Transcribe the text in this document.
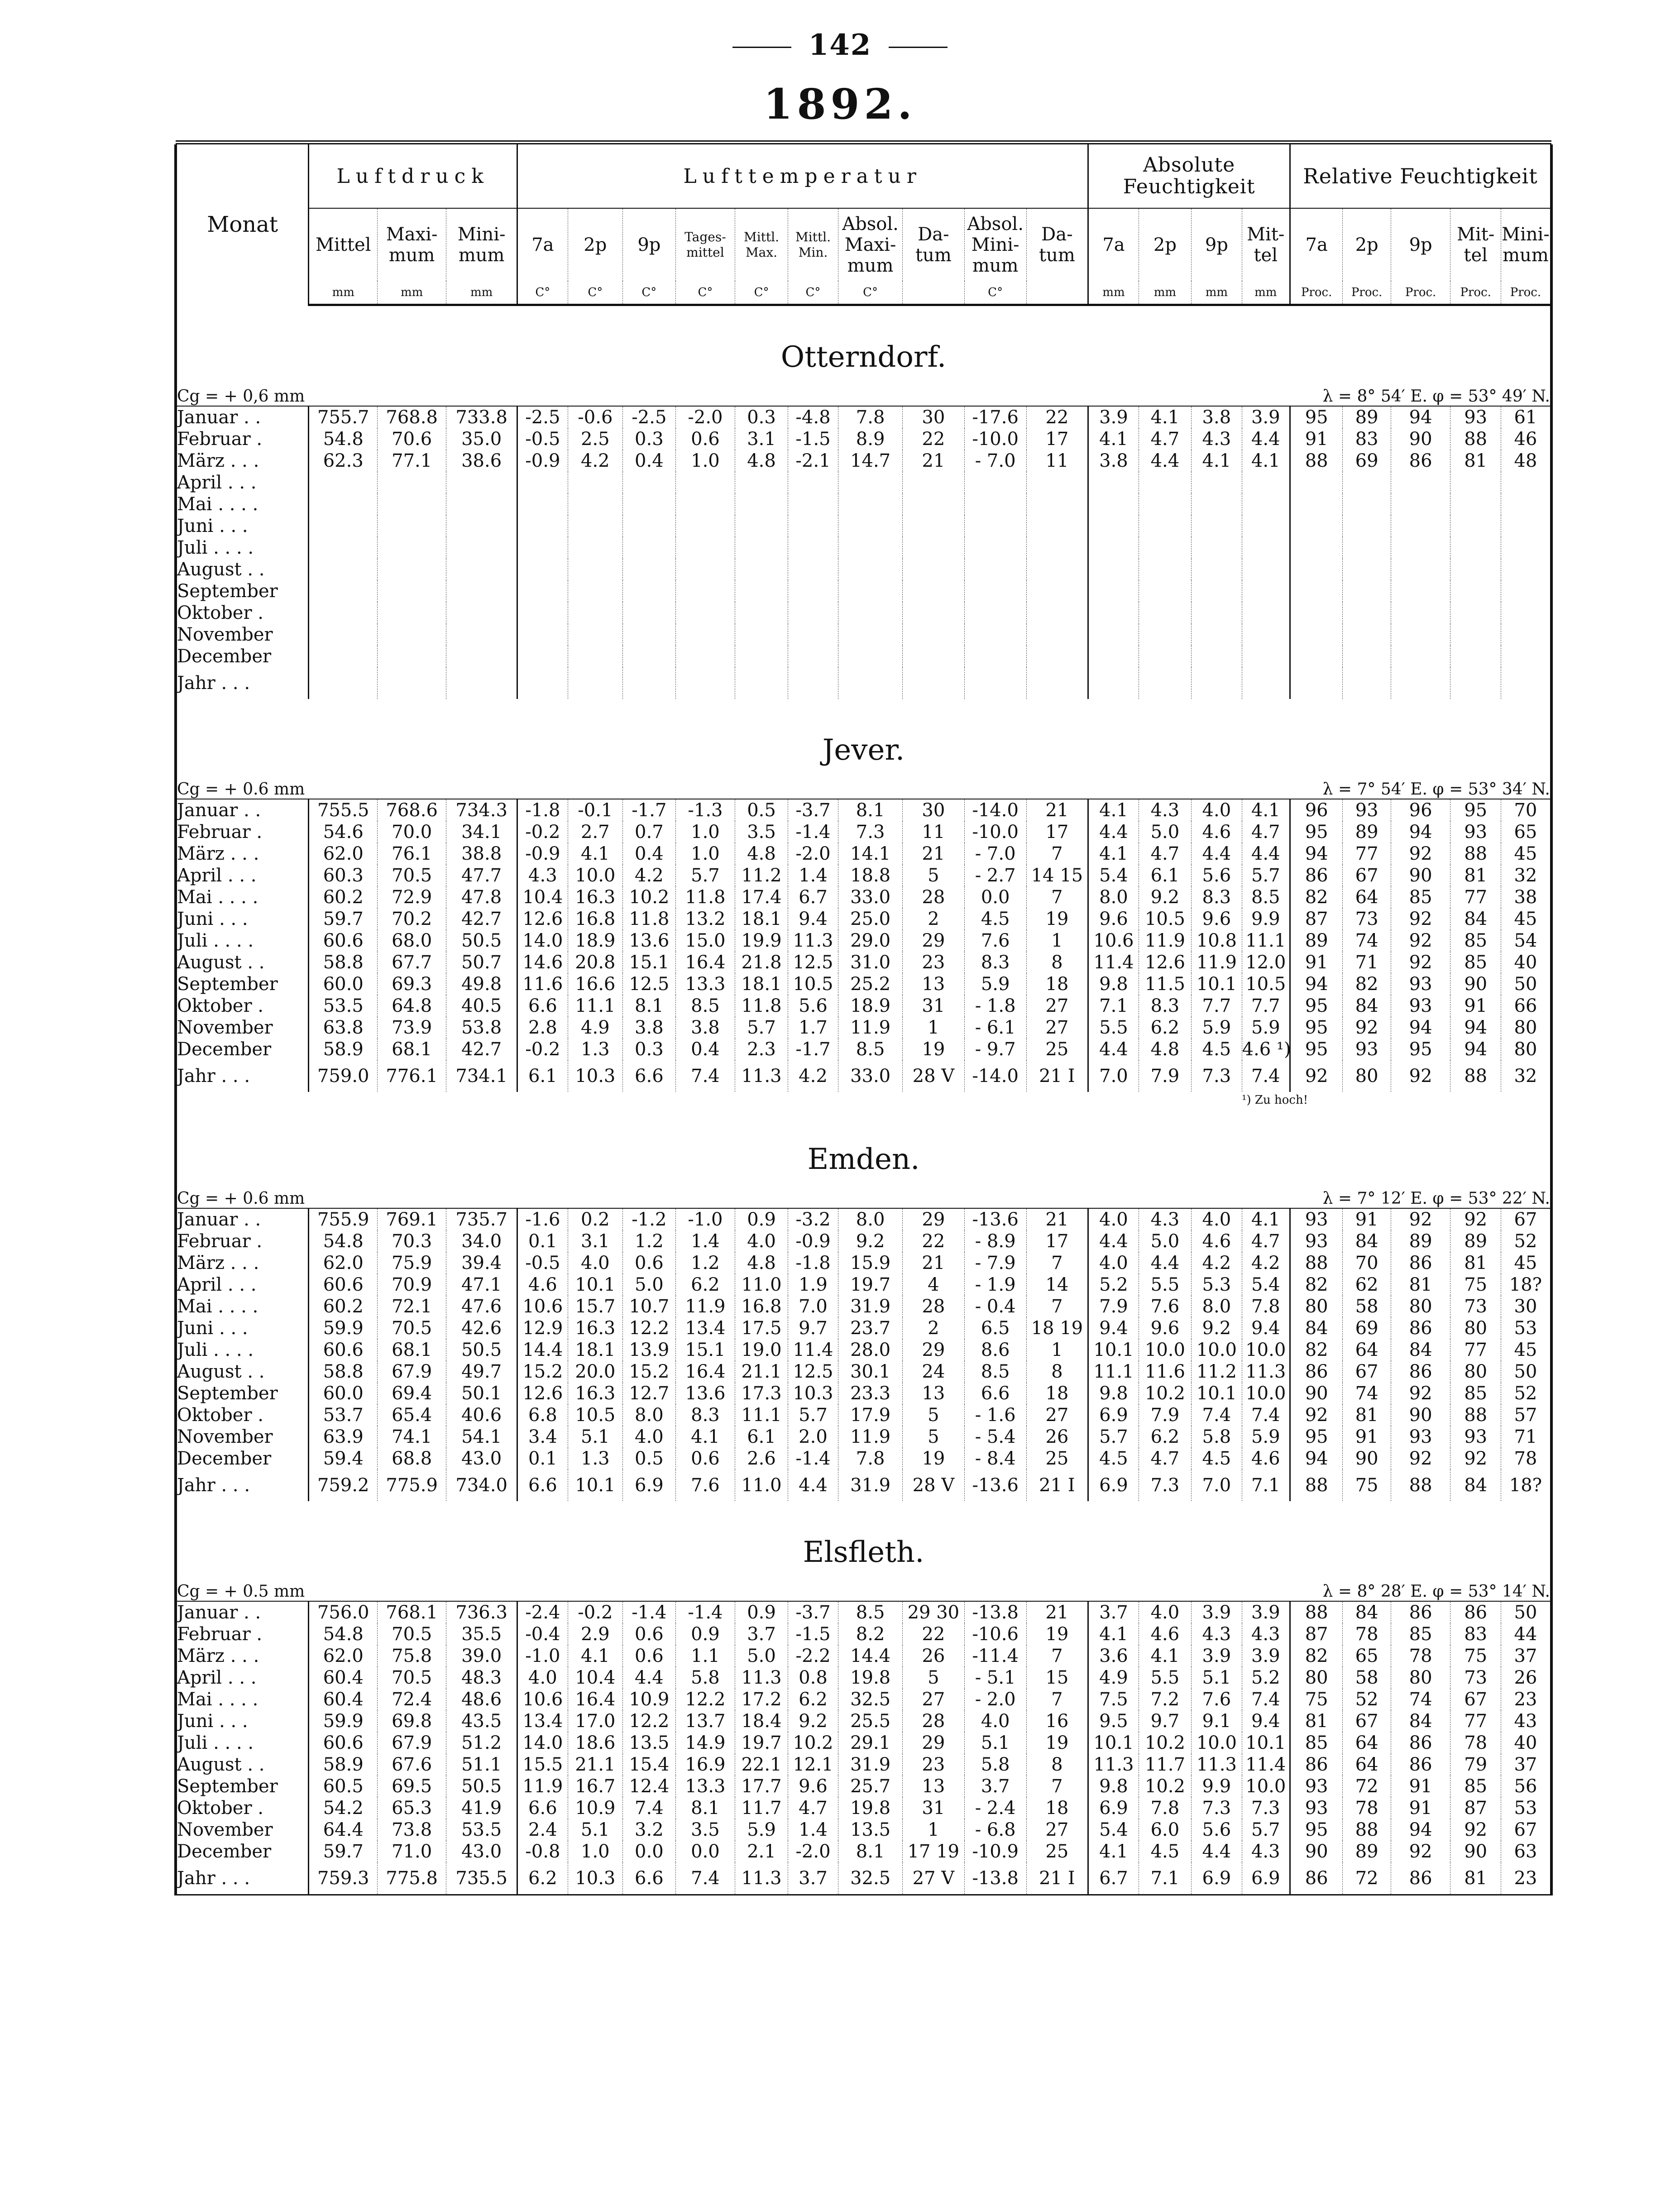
142
1892.

Monat	Luftdruck			Lufttemperatur										Absolute Feuchtigkeit				Relative Feuchtigkeit				
	Mittel	Maxi-mum	Mini-mum	7a	2p	9p	Tages-mittel	Mittl. Max.	Mittl. Min.	Absol. Maxi-mum	Da-tum	Absol. Mini-mum	Da-tum	7a	2p	9p	Mit-tel	7a	2p	9p	Mit-tel	Mini-mum
	mm	mm	mm	C°	C°	C°	C°	C°	C°	C°		C°		mm	mm	mm	mm	Proc.	Proc.	Proc.	Proc.	Proc.
Otterndorf.																						
Cg = + 0,6 mm												λ = 8° 54′ E. φ = 53° 49′ N.										
Januar . .	755.7	768.8	733.8	-2.5	-0.6	-2.5	-2.0	0.3	-4.8	7.8	30	-17.6	22	3.9	4.1	3.8	3.9	95	89	94	93	61
Februar .	54.8	70.6	35.0	-0.5	2.5	0.3	0.6	3.1	-1.5	8.9	22	-10.0	17	4.1	4.7	4.3	4.4	91	83	90	88	46
März . . .	62.3	77.1	38.6	-0.9	4.2	0.4	1.0	4.8	-2.1	14.7	21	- 7.0	11	3.8	4.4	4.1	4.1	88	69	86	81	48
April . . .																						
Mai . . . .																						
Juni . . .																						
Juli . . . .																						
August . .																						
September																						
Oktober .																						
November																						
December																						
Jahr . . .																						
Jever.																						
Cg = + 0.6 mm												λ = 7° 54′ E. φ = 53° 34′ N.										
Januar . .	755.5	768.6	734.3	-1.8	-0.1	-1.7	-1.3	0.5	-3.7	8.1	30	-14.0	21	4.1	4.3	4.0	4.1	96	93	96	95	70
Februar .	54.6	70.0	34.1	-0.2	2.7	0.7	1.0	3.5	-1.4	7.3	11	-10.0	17	4.4	5.0	4.6	4.7	95	89	94	93	65
März . . .	62.0	76.1	38.8	-0.9	4.1	0.4	1.0	4.8	-2.0	14.1	21	- 7.0	7	4.1	4.7	4.4	4.4	94	77	92	88	45
April . . .	60.3	70.5	47.7	4.3	10.0	4.2	5.7	11.2	1.4	18.8	5	- 2.7	14 15	5.4	6.1	5.6	5.7	86	67	90	81	32
Mai . . . .	60.2	72.9	47.8	10.4	16.3	10.2	11.8	17.4	6.7	33.0	28	0.0	7	8.0	9.2	8.3	8.5	82	64	85	77	38
Juni . . .	59.7	70.2	42.7	12.6	16.8	11.8	13.2	18.1	9.4	25.0	2	4.5	19	9.6	10.5	9.6	9.9	87	73	92	84	45
Juli . . . .	60.6	68.0	50.5	14.0	18.9	13.6	15.0	19.9	11.3	29.0	29	7.6	1	10.6	11.9	10.8	11.1	89	74	92	85	54
August . .	58.8	67.7	50.7	14.6	20.8	15.1	16.4	21.8	12.5	31.0	23	8.3	8	11.4	12.6	11.9	12.0	91	71	92	85	40
September	60.0	69.3	49.8	11.6	16.6	12.5	13.3	18.1	10.5	25.2	13	5.9	18	9.8	11.5	10.1	10.5	94	82	93	90	50
Oktober .	53.5	64.8	40.5	6.6	11.1	8.1	8.5	11.8	5.6	18.9	31	- 1.8	27	7.1	8.3	7.7	7.7	95	84	93	91	66
November	63.8	73.9	53.8	2.8	4.9	3.8	3.8	5.7	1.7	11.9	1	- 6.1	27	5.5	6.2	5.9	5.9	95	92	94	94	80
December	58.9	68.1	42.7	-0.2	1.3	0.3	0.4	2.3	-1.7	8.5	19	- 9.7	25	4.4	4.8	4.5	4.6 ¹)	95	93	95	94	80
Jahr . . .	759.0	776.1	734.1	6.1	10.3	6.6	7.4	11.3	4.2	33.0	28 V	-14.0	21 I	7.0	7.9	7.3	7.4	92	80	92	88	32
																	¹) Zu hoch!					
Emden.																						
Cg = + 0.6 mm												λ = 7° 12′ E. φ = 53° 22′ N.										
Januar . .	755.9	769.1	735.7	-1.6	0.2	-1.2	-1.0	0.9	-3.2	8.0	29	-13.6	21	4.0	4.3	4.0	4.1	93	91	92	92	67
Februar .	54.8	70.3	34.0	0.1	3.1	1.2	1.4	4.0	-0.9	9.2	22	- 8.9	17	4.4	5.0	4.6	4.7	93	84	89	89	52
März . . .	62.0	75.9	39.4	-0.5	4.0	0.6	1.2	4.8	-1.8	15.9	21	- 7.9	7	4.0	4.4	4.2	4.2	88	70	86	81	45
April . . .	60.6	70.9	47.1	4.6	10.1	5.0	6.2	11.0	1.9	19.7	4	- 1.9	14	5.2	5.5	5.3	5.4	82	62	81	75	18?
Mai . . . .	60.2	72.1	47.6	10.6	15.7	10.7	11.9	16.8	7.0	31.9	28	- 0.4	7	7.9	7.6	8.0	7.8	80	58	80	73	30
Juni . . .	59.9	70.5	42.6	12.9	16.3	12.2	13.4	17.5	9.7	23.7	2	6.5	18 19	9.4	9.6	9.2	9.4	84	69	86	80	53
Juli . . . .	60.6	68.1	50.5	14.4	18.1	13.9	15.1	19.0	11.4	28.0	29	8.6	1	10.1	10.0	10.0	10.0	82	64	84	77	45
August . .	58.8	67.9	49.7	15.2	20.0	15.2	16.4	21.1	12.5	30.1	24	8.5	8	11.1	11.6	11.2	11.3	86	67	86	80	50
September	60.0	69.4	50.1	12.6	16.3	12.7	13.6	17.3	10.3	23.3	13	6.6	18	9.8	10.2	10.1	10.0	90	74	92	85	52
Oktober .	53.7	65.4	40.6	6.8	10.5	8.0	8.3	11.1	5.7	17.9	5	- 1.6	27	6.9	7.9	7.4	7.4	92	81	90	88	57
November	63.9	74.1	54.1	3.4	5.1	4.0	4.1	6.1	2.0	11.9	5	- 5.4	26	5.7	6.2	5.8	5.9	95	91	93	93	71
December	59.4	68.8	43.0	0.1	1.3	0.5	0.6	2.6	-1.4	7.8	19	- 8.4	25	4.5	4.7	4.5	4.6	94	90	92	92	78
Jahr . . .	759.2	775.9	734.0	6.6	10.1	6.9	7.6	11.0	4.4	31.9	28 V	-13.6	21 I	6.9	7.3	7.0	7.1	88	75	88	84	18?
Elsfleth.																						
Cg = + 0.5 mm												λ = 8° 28′ E. φ = 53° 14′ N.										
Januar . .	756.0	768.1	736.3	-2.4	-0.2	-1.4	-1.4	0.9	-3.7	8.5	29 30	-13.8	21	3.7	4.0	3.9	3.9	88	84	86	86	50
Februar .	54.8	70.5	35.5	-0.4	2.9	0.6	0.9	3.7	-1.5	8.2	22	-10.6	19	4.1	4.6	4.3	4.3	87	78	85	83	44
März . . .	62.0	75.8	39.0	-1.0	4.1	0.6	1.1	5.0	-2.2	14.4	26	-11.4	7	3.6	4.1	3.9	3.9	82	65	78	75	37
April . . .	60.4	70.5	48.3	4.0	10.4	4.4	5.8	11.3	0.8	19.8	5	- 5.1	15	4.9	5.5	5.1	5.2	80	58	80	73	26
Mai . . . .	60.4	72.4	48.6	10.6	16.4	10.9	12.2	17.2	6.2	32.5	27	- 2.0	7	7.5	7.2	7.6	7.4	75	52	74	67	23
Juni . . .	59.9	69.8	43.5	13.4	17.0	12.2	13.7	18.4	9.2	25.5	28	4.0	16	9.5	9.7	9.1	9.4	81	67	84	77	43
Juli . . . .	60.6	67.9	51.2	14.0	18.6	13.5	14.9	19.7	10.2	29.1	29	5.1	19	10.1	10.2	10.0	10.1	85	64	86	78	40
August . .	58.9	67.6	51.1	15.5	21.1	15.4	16.9	22.1	12.1	31.9	23	5.8	8	11.3	11.7	11.3	11.4	86	64	86	79	37
September	60.5	69.5	50.5	11.9	16.7	12.4	13.3	17.7	9.6	25.7	13	3.7	7	9.8	10.2	9.9	10.0	93	72	91	85	56
Oktober .	54.2	65.3	41.9	6.6	10.9	7.4	8.1	11.7	4.7	19.8	31	- 2.4	18	6.9	7.8	7.3	7.3	93	78	91	87	53
November	64.4	73.8	53.5	2.4	5.1	3.2	3.5	5.9	1.4	13.5	1	- 6.8	27	5.4	6.0	5.6	5.7	95	88	94	92	67
December	59.7	71.0	43.0	-0.8	1.0	0.0	0.0	2.1	-2.0	8.1	17 19	-10.9	25	4.1	4.5	4.4	4.3	90	89	92	90	63
Jahr . . .	759.3	775.8	735.5	6.2	10.3	6.6	7.4	11.3	3.7	32.5	27 V	-13.8	21 I	6.7	7.1	6.9	6.9	86	72	86	81	23
